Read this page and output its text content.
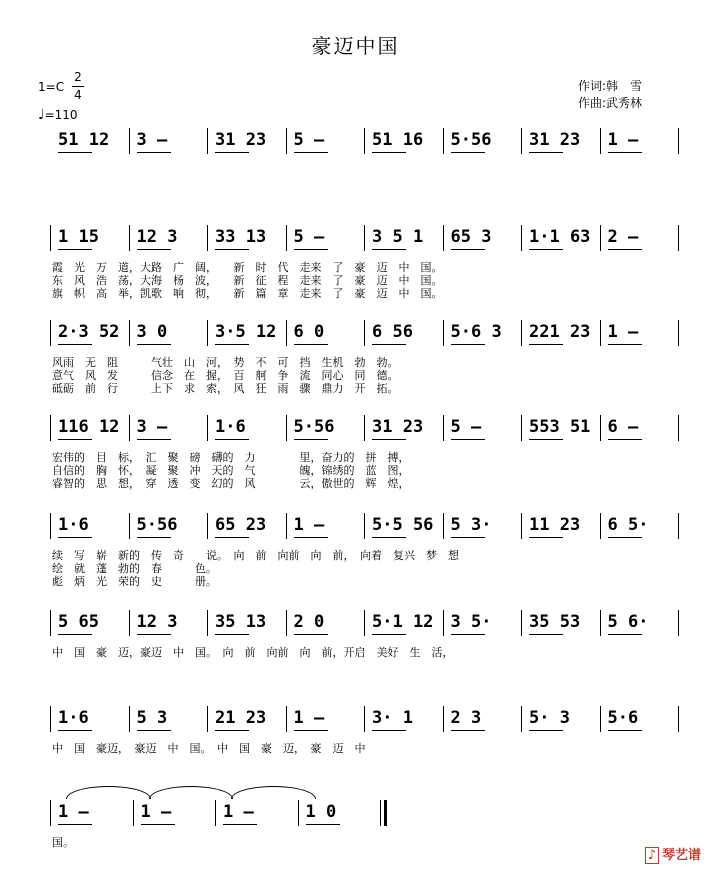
豪迈中国
作词:韩　雪
作曲:武秀林
1=C
2
4
♩=110
51 12 3 –	31 23 5 –	51 16 5·56 31 23 1 –
1 15 12 3 33 13 5 –	3 5 1 65 3 1·1 63 2 –
霞　光　万　道，大路　广　阔，　　新　时　代　走来　了　豪　迈　中　国。
东　风　浩　荡，大海　杨　波，　　新　征　程　走来　了　豪　迈　中　国。
旗　帜　高　举，凯歌　响　彻，　　新　篇　章　走来　了　豪　迈　中　国。
2·3 52 3 0	3·5 12 6 0	6 56 5·6 3 221 23 1 –
风雨　无　阻　　　气壮　山　河，　势　不　可　挡　生机　勃　勃。
意气　风　发　　　信念　在　握，　百　舸　争　流　同心　同　德。
砥砺　前　行　　　上下　求　索，　风　狂　雨　骤　鼎力　开　拓。
116 12 3 –	1·6	5·56 31 23 5 –	553 51 6 –
宏伟的　目　标，　汇　聚　磅　礴的　力　　　　里，奋力的　拼　搏，
自信的　胸　怀，　凝　聚　冲　天的　气　　　　魄，锦绣的　蓝　图，
睿智的　思　想，　穿　透　变　幻的　风　　　　云，傲世的　辉　煌，
1·6	5·56 65 23 1 –	5·5 56 5 3· 11 23 6 5·
续　写　崭　新的　传　奇　　说。　向　前　向前　向　前，　向着　复兴　梦　想
绘　就　蓬　勃的　春　　　色。
彪　炳　光　荣的　史　　　册。
5 65 12 3 35 13 2 0	5·1 12 3 5· 35 53 5 6·
中　国　豪　迈，豪迈　中　国。　向　前　向前　向　前，开启　美好　生　活，
1·6	5 3	21 23 1 –	3· 1 2 3	5· 3 5·6
中　国　豪迈，　豪迈　中　国。　中　国　豪　迈，　豪　迈　中
1 –	1 –	1 –	1 0
国。
♪ 琴艺谱
